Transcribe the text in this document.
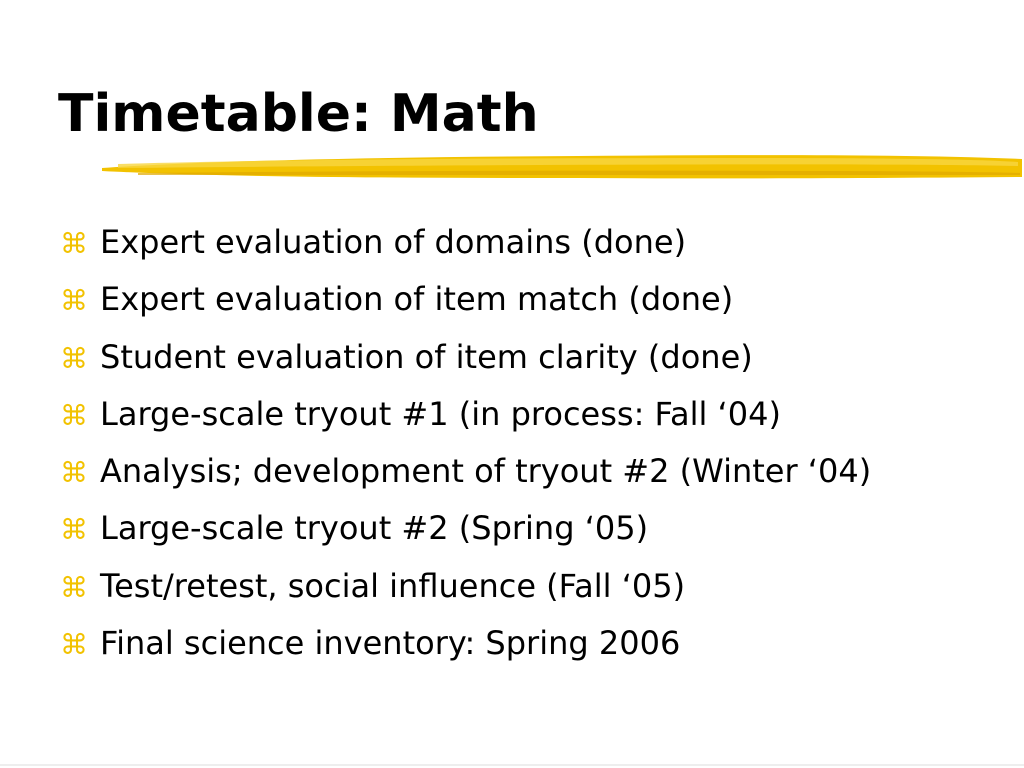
Timetable: Math
⌘ Expert evaluation of domains (done)
⌘ Expert evaluation of item match (done)
⌘ Student evaluation of item clarity (done)
⌘ Large-scale tryout #1 (in process: Fall ‘04)
⌘ Analysis; development of tryout #2 (Winter ‘04)
⌘ Large-scale tryout #2 (Spring ‘05)
⌘ Test/retest, social influence (Fall ‘05)
⌘ Final science inventory: Spring 2006
